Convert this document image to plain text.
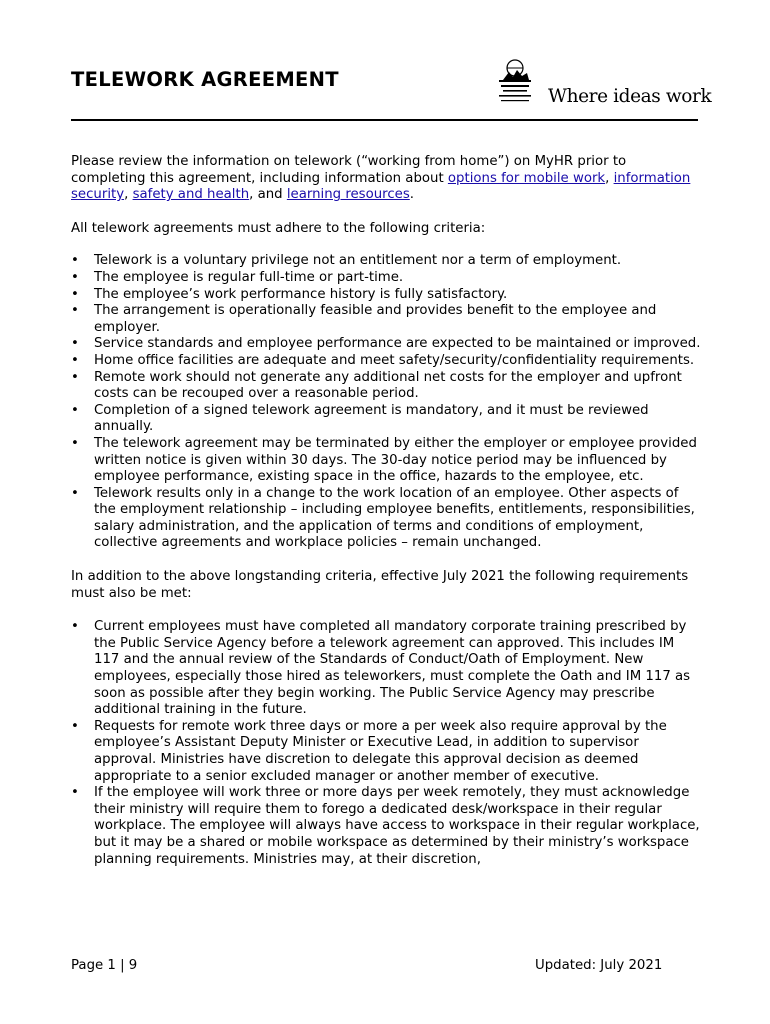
TELEWORK AGREEMENT
Where ideas work

Please review the information on telework (“working from home”) on MyHR prior to completing this agreement, including information about options for mobile work, information security, safety and health, and learning resources.

All telework agreements must adhere to the following criteria:

• Telework is a voluntary privilege not an entitlement nor a term of employment.
• The employee is regular full-time or part-time.
• The employee’s work performance history is fully satisfactory.
• The arrangement is operationally feasible and provides benefit to the employee and employer.
• Service standards and employee performance are expected to be maintained or improved.
• Home office facilities are adequate and meet safety/security/confidentiality requirements.
• Remote work should not generate any additional net costs for the employer and upfront costs can be recouped over a reasonable period.
• Completion of a signed telework agreement is mandatory, and it must be reviewed annually.
• The telework agreement may be terminated by either the employer or employee provided written notice is given within 30 days. The 30-day notice period may be influenced by employee performance, existing space in the office, hazards to the employee, etc.
• Telework results only in a change to the work location of an employee. Other aspects of the employment relationship – including employee benefits, entitlements, responsibilities, salary administration, and the application of terms and conditions of employment, collective agreements and workplace policies – remain unchanged.

In addition to the above longstanding criteria, effective July 2021 the following requirements must also be met:

• Current employees must have completed all mandatory corporate training prescribed by the Public Service Agency before a telework agreement can approved. This includes IM 117 and the annual review of the Standards of Conduct/Oath of Employment. New employees, especially those hired as teleworkers, must complete the Oath and IM 117 as soon as possible after they begin working. The Public Service Agency may prescribe additional training in the future.
• Requests for remote work three days or more a per week also require approval by the employee’s Assistant Deputy Minister or Executive Lead, in addition to supervisor approval. Ministries have discretion to delegate this approval decision as deemed appropriate to a senior excluded manager or another member of executive.
• If the employee will work three or more days per week remotely, they must acknowledge their ministry will require them to forego a dedicated desk/workspace in their regular workplace. The employee will always have access to workspace in their regular workplace, but it may be a shared or mobile workspace as determined by their ministry’s workspace planning requirements. Ministries may, at their discretion,
Page 1 | 9	Updated: July 2021
